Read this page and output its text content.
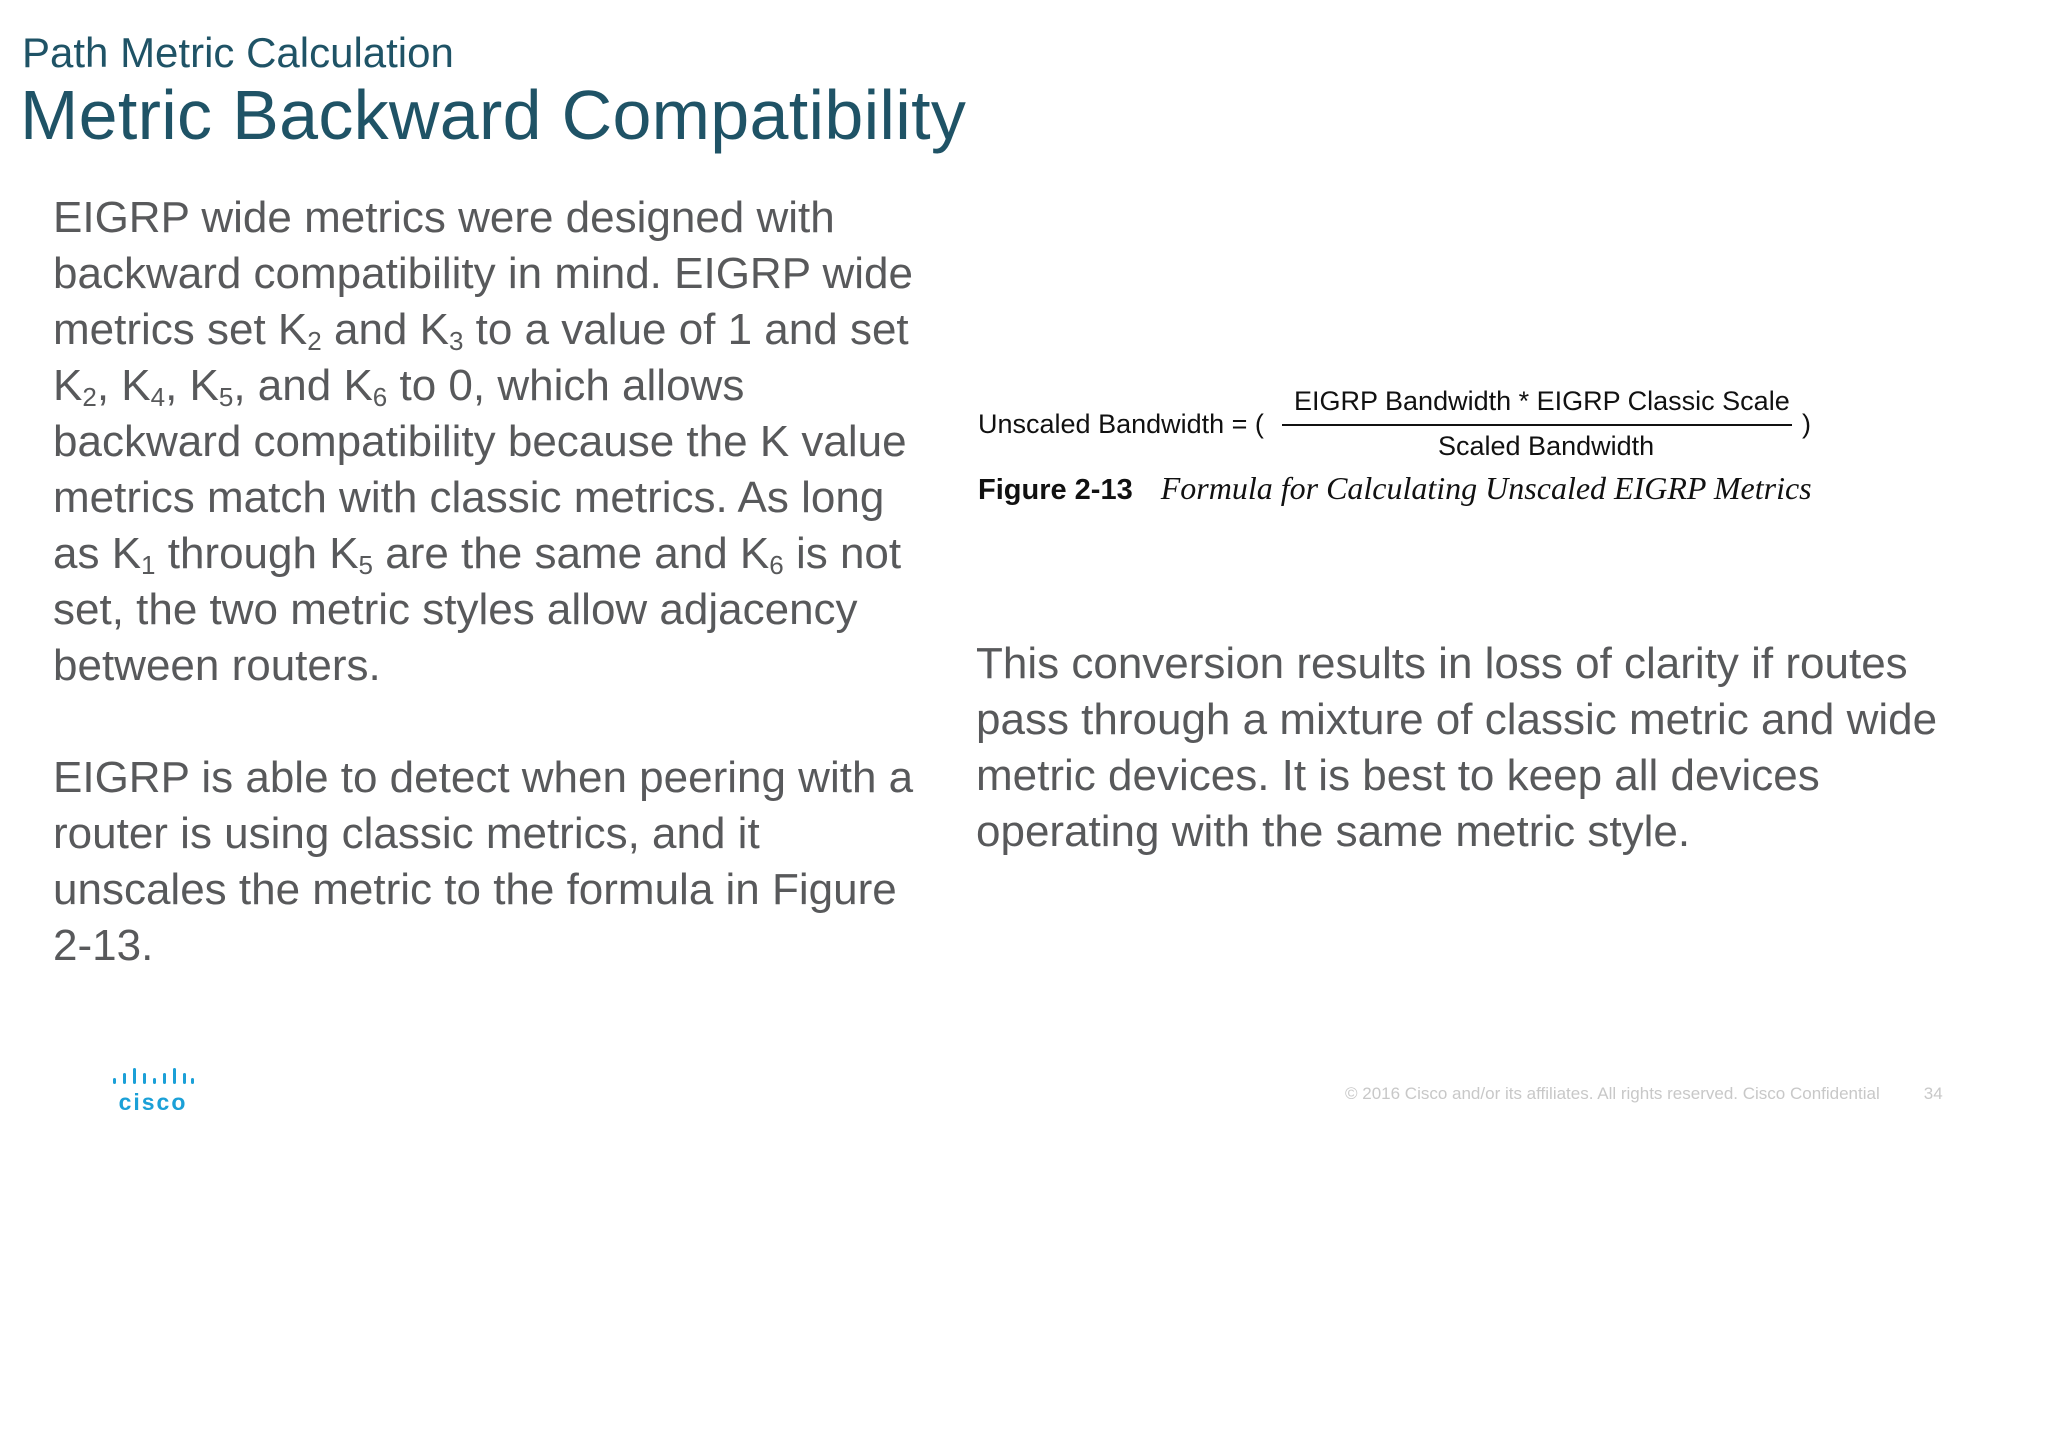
Path Metric Calculation
Metric Backward Compatibility

EIGRP wide metrics were designed with backward compatibility in mind. EIGRP wide metrics set $K_2$ and $K_3$ to a value of 1 and set $K_2$, $K_4$, $K_5$, and $K_6$ to 0, which allows backward compatibility because the K value metrics match with classic metrics. As long as $K_1$ through $K_5$ are the same and $K_6$ is not set, the two metric styles allow adjacency between routers.

EIGRP is able to detect when peering with a router is using classic metrics, and it unscales the metric to the formula in Figure 2-13.

Unscaled Bandwidth = (
EIGRP Bandwidth * EIGRP Classic Scale
Scaled Bandwidth
)
Figure 2-13 Formula for Calculating Unscaled EIGRP Metrics

This conversion results in loss of clarity if routes pass through a mixture of classic metric and wide metric devices. It is best to keep all devices operating with the same metric style.

cisco	© 2016 Cisco and/or its affiliates. All rights reserved. Cisco Confidential	34
